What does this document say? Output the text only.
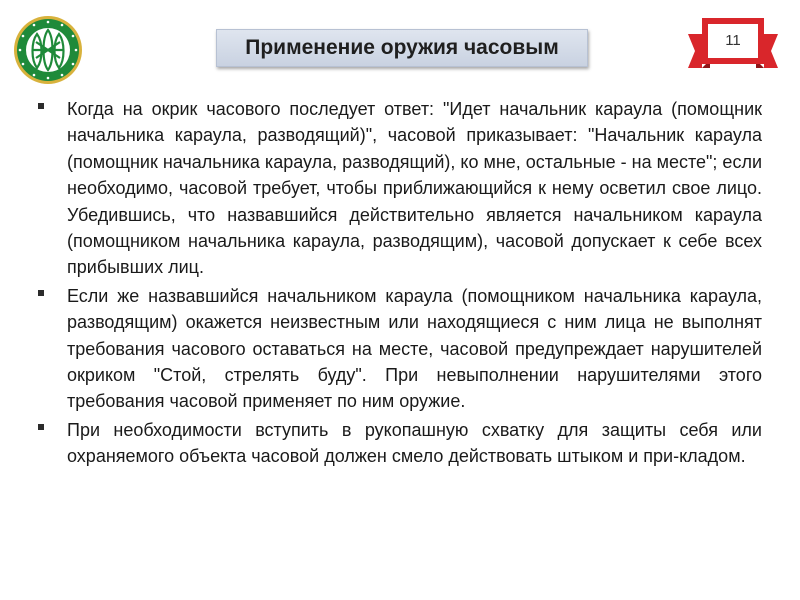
Применение оружия часовым	11

Когда на окрик часового последует ответ: "Идет начальник караула (помощник начальника караула, разводящий)", часовой приказывает: "Начальник караула (помощник начальника караула, разводящий), ко мне, остальные - на месте"; если необходимо, часовой требует, чтобы приближающийся к нему осветил свое лицо. Убедившись, что назвавшийся действительно является начальником караула (помощником начальника караула, разводящим), часовой допускает к себе всех прибывших лиц.

Если же назвавшийся начальником караула (помощником начальника караула, разводящим) окажется неизвестным или находящиеся с ним лица не выполнят требования часового оставаться на месте, часовой предупреждает нарушителей окриком "Стой, стрелять буду". При невыполнении нарушителями этого требования часовой применяет по ним оружие.

При необходимости вступить в рукопашную схватку для защиты себя или охраняемого объекта часовой должен смело действовать штыком и при-кладом.
